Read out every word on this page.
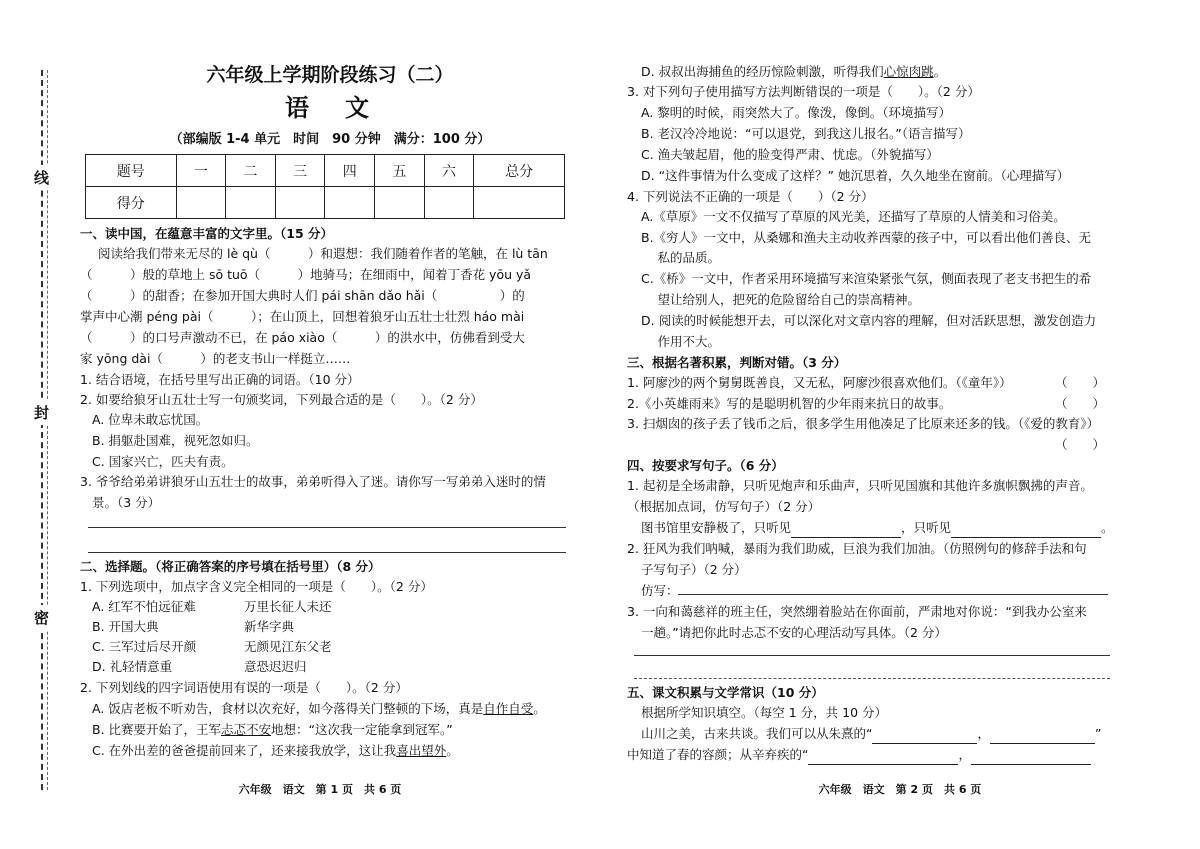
线
封
密
六年级上学期阶段练习（二）
语　文
（部编版 1-4 单元　时间　90 分钟　满分：100 分）
题号	一	二	三	四	五	六	总分
得分							
一、读中国，在蕴意丰富的文字里。（15 分）
阅读给我们带来无尽的 lè qù（　　　）和遐想：我们随着作者的笔触，在 lù tān
（　　　）般的草地上 sō tuō（　　　）地骑马；在细雨中，闻着丁香花 yōu yǎ
（　　　）的甜香；在参加开国大典时人们 pái shān dǎo hǎi（　　　　　）的
掌声中心潮 péng pài（　　　）；在山顶上，回想着狼牙山五壮士壮烈 háo mài
（　　　）的口号声激动不已，在 páo xiào（　　　）的洪水中，仿佛看到受大
家 yōng dài（　　　）的老支书山一样挺立……
1. 结合语境，在括号里写出正确的词语。（10 分）
2. 如要给狼牙山五壮士写一句颁奖词，下列最合适的是（　　）。（2 分）
A. 位卑未敢忘忧国。
B. 捐躯赴国难，视死忽如归。
C. 国家兴亡，匹夫有责。
3. 爷爷给弟弟讲狼牙山五壮士的故事，弟弟听得入了迷。请你写一写弟弟入迷时的情
景。（3 分）
二、选择题。（将正确答案的序号填在括号里）（8 分）
1. 下列选项中，加点字含义完全相同的一项是（　　）。（2 分）
A. 红军不怕远征难	万里长征人未还
B. 开国大典	新华字典
C. 三军过后尽开颜	无颜见江东父老
D. 礼轻情意重	意恐迟迟归
2. 下列划线的四字词语使用有误的一项是（　　）。（2 分）
A. 饭店老板不听劝告，食材以次充好，如今落得关门整顿的下场，真是自作自受。
B. 比赛要开始了，王军忐忑不安地想：“这次我一定能拿到冠军。”
C. 在外出差的爸爸提前回来了，还来接我放学，这让我喜出望外。
六年级　语文　第 1 页　共 6 页
D. 叔叔出海捕鱼的经历惊险刺激，听得我们心惊肉跳。
3. 对下列句子使用描写方法判断错误的一项是（　　）。（2 分）
A. 黎明的时候，雨突然大了。像泼，像倒。（环境描写）
B. 老汉冷冷地说：“可以退党，到我这儿报名。”（语言描写）
C. 渔夫皱起眉，他的脸变得严肃、忧虑。（外貌描写）
D. “这件事情为什么变成了这样？” 她沉思着，久久地坐在窗前。（心理描写）
4. 下列说法不正确的一项是（　　）（2 分）
A.《草原》一文不仅描写了草原的风光美，还描写了草原的人情美和习俗美。
B.《穷人》一文中，从桑娜和渔夫主动收养西蒙的孩子中，可以看出他们善良、无
　 私的品质。
C.《桥》一文中，作者采用环境描写来渲染紧张气氛，侧面表现了老支书把生的希
　 望让给别人，把死的危险留给自己的崇高精神。
D. 阅读的时候能想开去，可以深化对文章内容的理解，但对活跃思想，激发创造力
　 作用不大。
三、根据名著积累，判断对错。（3 分）
1. 阿廖沙的两个舅舅既善良，又无私，阿廖沙很喜欢他们。（《童年》）	（　　）
2.《小英雄雨来》写的是聪明机智的少年雨来抗日的故事。	（　　）
3. 扫烟囱的孩子丢了钱币之后，很多学生用他凑足了比原来还多的钱。（《爱的教育》）
（　　）
四、按要求写句子。（6 分）
1. 起初是全场肃静，只听见炮声和乐曲声，只听见国旗和其他许多旗帜飘拂的声音。
（根据加点词，仿写句子）（2 分）
图书馆里安静极了，只听见	，只听见	。
2. 狂风为我们呐喊，暴雨为我们助威，巨浪为我们加油。（仿照例句的修辞手法和句
子写句子）（2 分）
仿写：
3. 一向和蔼慈祥的班主任，突然绷着脸站在你面前，严肃地对你说：“到我办公室来
一趟。”请把你此时忐忑不安的心理活动写具体。（2 分）
五、课文积累与文学常识（10 分）
根据所学知识填空。（每空 1 分，共 10 分）
山川之美，古来共谈。我们可以从朱熹的“	，	”
中知道了春的容颜；从辛弃疾的“	，
六年级　语文　第 2 页　共 6 页
